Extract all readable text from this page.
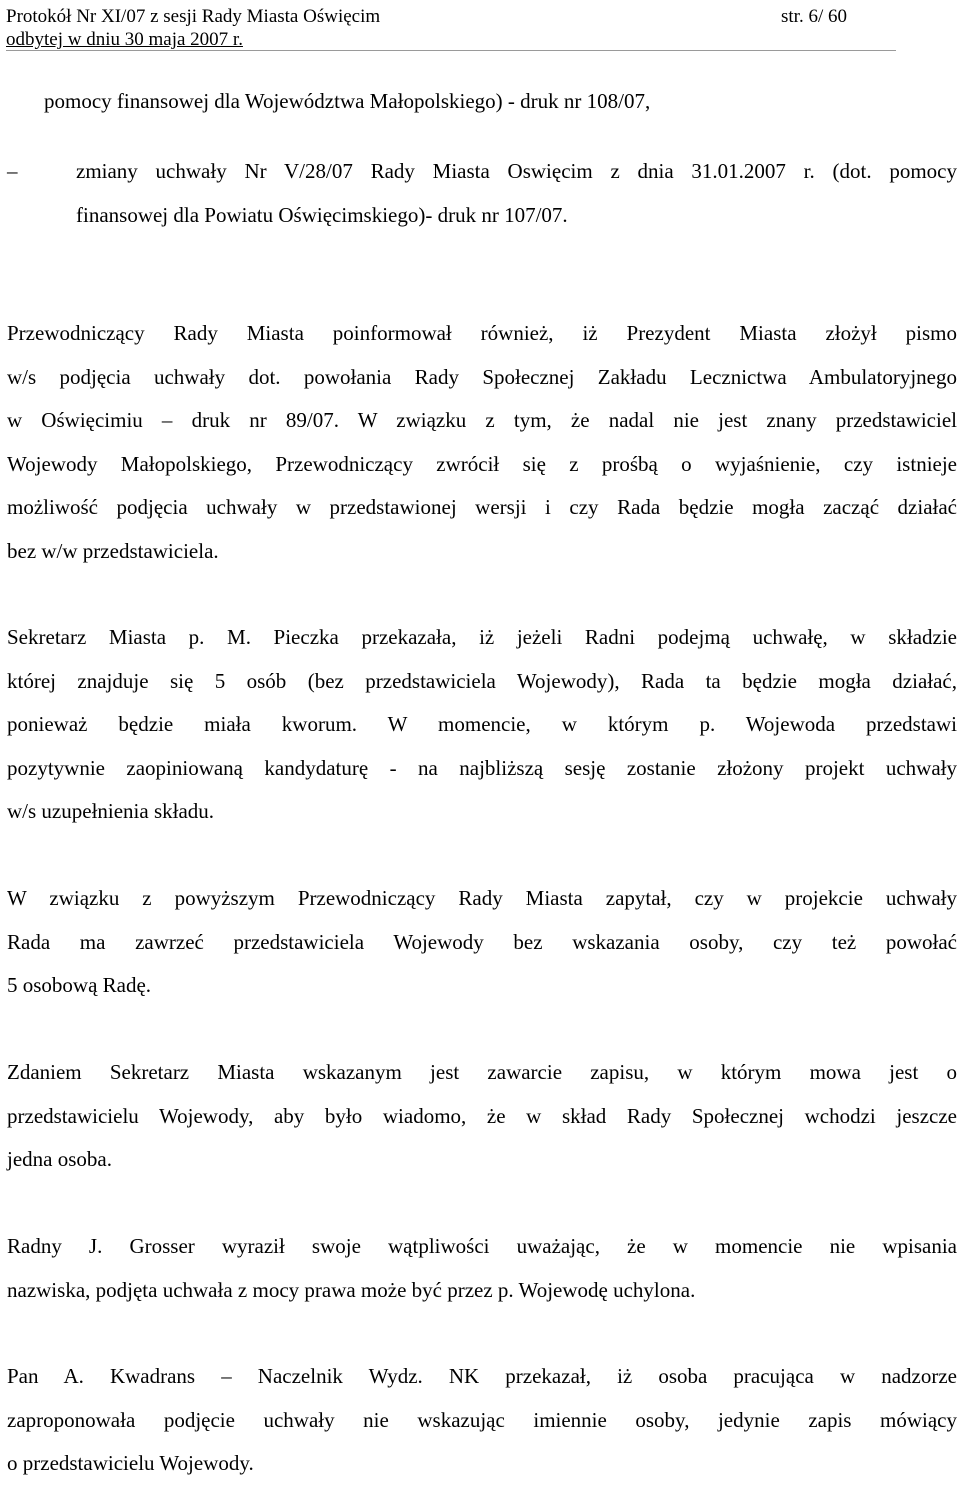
Protokół Nr XI/07 z sesji Rady Miasta Oświęcim	str. 6/ 60
odbytej w dniu 30 maja 2007 r.
pomocy finansowej dla Województwa Małopolskiego) - druk nr 108/07,
–	zmiany uchwały Nr V/28/07 Rady Miasta Oswięcim z dnia 31.01.2007 r. (dot. pomocy
finansowej dla Powiatu Oświęcimskiego)- druk nr 107/07.
Przewodniczący Rady Miasta poinformował również, iż Prezydent Miasta złożył pismo
w/s podjęcia uchwały dot. powołania Rady Społecznej Zakładu Lecznictwa Ambulatoryjnego
w Oświęcimiu – druk nr 89/07. W związku z tym, że nadal nie jest znany przedstawiciel
Wojewody Małopolskiego, Przewodniczący zwrócił się z prośbą o wyjaśnienie, czy istnieje
możliwość podjęcia uchwały w przedstawionej wersji i czy Rada będzie mogła zacząć działać
bez w/w przedstawiciela.
Sekretarz Miasta p. M. Pieczka przekazała, iż jeżeli Radni podejmą uchwałę, w składzie
której znajduje się 5 osób (bez przedstawiciela Wojewody), Rada ta będzie mogła działać,
ponieważ będzie miała kworum. W momencie, w którym p. Wojewoda przedstawi
pozytywnie zaopiniowaną kandydaturę - na najbliższą sesję zostanie złożony projekt uchwały
w/s uzupełnienia składu.
W związku z powyższym Przewodniczący Rady Miasta zapytał, czy w projekcie uchwały
Rada ma zawrzeć przedstawiciela Wojewody bez wskazania osoby, czy też powołać
5 osobową Radę.
Zdaniem Sekretarz Miasta wskazanym jest zawarcie zapisu, w którym mowa jest o
przedstawicielu Wojewody, aby było wiadomo, że w skład Rady Społecznej wchodzi jeszcze
jedna osoba.
Radny J. Grosser wyraził swoje wątpliwości uważając, że w momencie nie wpisania
nazwiska, podjęta uchwała z mocy prawa może być przez p. Wojewodę uchylona.
Pan A. Kwadrans – Naczelnik Wydz. NK przekazał, iż osoba pracująca w nadzorze
zaproponowała podjęcie uchwały nie wskazując imiennie osoby, jedynie zapis mówiący
o przedstawicielu Wojewody.
